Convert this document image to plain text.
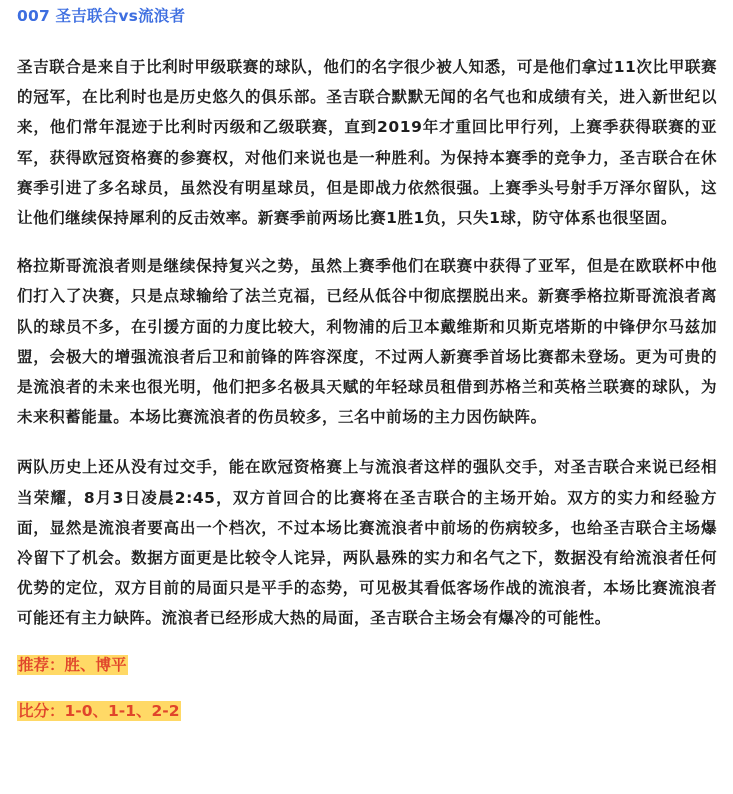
007 圣吉联合vs流浪者

圣吉联合是来自于比利时甲级联赛的球队，他们的名字很少被人知悉，可是他们拿过11次比甲联赛的冠军，在比利时也是历史悠久的俱乐部。圣吉联合默默无闻的名气也和成绩有关，进入新世纪以来，他们常年混迹于比利时丙级和乙级联赛，直到2019年才重回比甲行列，上赛季获得联赛的亚军，获得欧冠资格赛的参赛权，对他们来说也是一种胜利。为保持本赛季的竞争力，圣吉联合在休赛季引进了多名球员，虽然没有明星球员，但是即战力依然很强。上赛季头号射手万泽尔留队，这让他们继续保持犀利的反击效率。新赛季前两场比赛1胜1负，只失1球，防守体系也很坚固。

格拉斯哥流浪者则是继续保持复兴之势，虽然上赛季他们在联赛中获得了亚军，但是在欧联杯中他们打入了决赛，只是点球输给了法兰克福，已经从低谷中彻底摆脱出来。新赛季格拉斯哥流浪者离队的球员不多，在引援方面的力度比较大，利物浦的后卫本戴维斯和贝斯克塔斯的中锋伊尔马兹加盟，会极大的增强流浪者后卫和前锋的阵容深度，不过两人新赛季首场比赛都未登场。更为可贵的是流浪者的未来也很光明，他们把多名极具天赋的年轻球员租借到苏格兰和英格兰联赛的球队，为未来积蓄能量。本场比赛流浪者的伤员较多，三名中前场的主力因伤缺阵。

两队历史上还从没有过交手，能在欧冠资格赛上与流浪者这样的强队交手，对圣吉联合来说已经相当荣耀，8月3日凌晨2:45，双方首回合的比赛将在圣吉联合的主场开始。双方的实力和经验方面，显然是流浪者要高出一个档次，不过本场比赛流浪者中前场的伤病较多，也给圣吉联合主场爆冷留下了机会。数据方面更是比较令人诧异，两队悬殊的实力和名气之下，数据没有给流浪者任何优势的定位，双方目前的局面只是平手的态势，可见极其看低客场作战的流浪者，本场比赛流浪者可能还有主力缺阵。流浪者已经形成大热的局面，圣吉联合主场会有爆冷的可能性。

推荐：胜、博平

比分：1-0、1-1、2-2
